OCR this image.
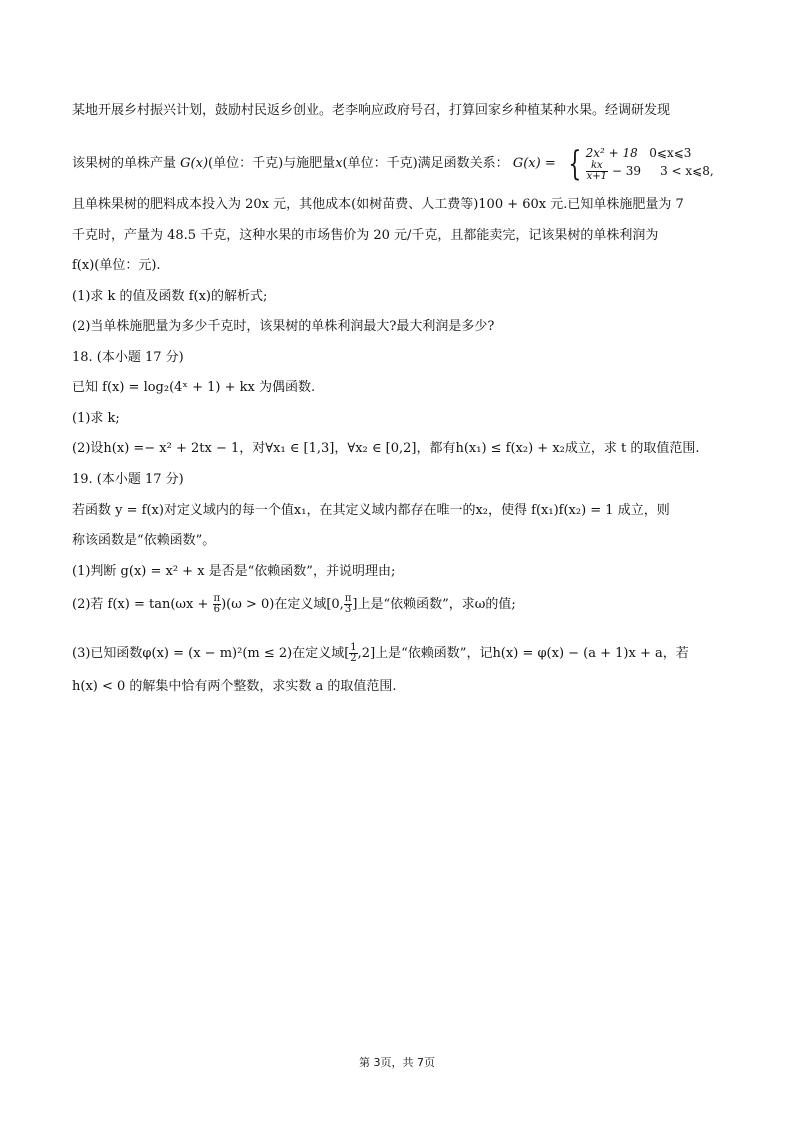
某地开展乡村振兴计划，鼓励村民返乡创业。老李响应政府号召，打算回家乡种植某种水果。经调研发现
该果树的单株产量 G(x)(单位：千克)与施肥量x(单位：千克)满足函数关系： G(x) = { 2x² + 18 0⩽x⩽3
$\frac{kx}{x+1} - 39$ 3 < x⩽8,
且单株果树的肥料成本投入为 20x 元，其他成本(如树苗费、人工费等)100 + 60x 元.已知单株施肥量为 7
千克时，产量为 48.5 千克，这种水果的市场售价为 20 元/千克，且都能卖完，记该果树的单株利润为
f(x)(单位：元).
(1)求 k 的值及函数 f(x)的解析式;
(2)当单株施肥量为多少千克时，该果树的单株利润最大?最大利润是多少?
18. (本小题 17 分)
已知 f(x) = log₂(4ˣ + 1) + kx 为偶函数.
(1)求 k;
(2)设h(x) =− x² + 2tx − 1，对∀x₁ ∈ [1,3]，∀x₂ ∈ [0,2]，都有h(x₁) ≤ f(x₂) + x₂成立，求 t 的取值范围.
19. (本小题 17 分)
若函数 y = f(x)对定义域内的每一个值x₁，在其定义域内都存在唯一的x₂，使得 f(x₁)f(x₂) = 1 成立，则
称该函数是“依赖函数”。
(1)判断 g(x) = x² + x 是否是“依赖函数”，并说明理由;
(2)若 $f(x) = \tan(\omega x + \frac{\pi}{6} )(\omega > 0)$在定义域[0, $\frac{\pi}{3}$ ]上是“依赖函数”，求ω的值;
(3)已知函数φ(x) = (x − m)²(m ≤ 2)在定义域[ $\frac{1}{2} ,2$]上是“依赖函数”，记h(x) = φ(x) − (a + 1)x + a，若
h(x) < 0 的解集中恰有两个整数，求实数 a 的取值范围.
第 3页，共 7页
